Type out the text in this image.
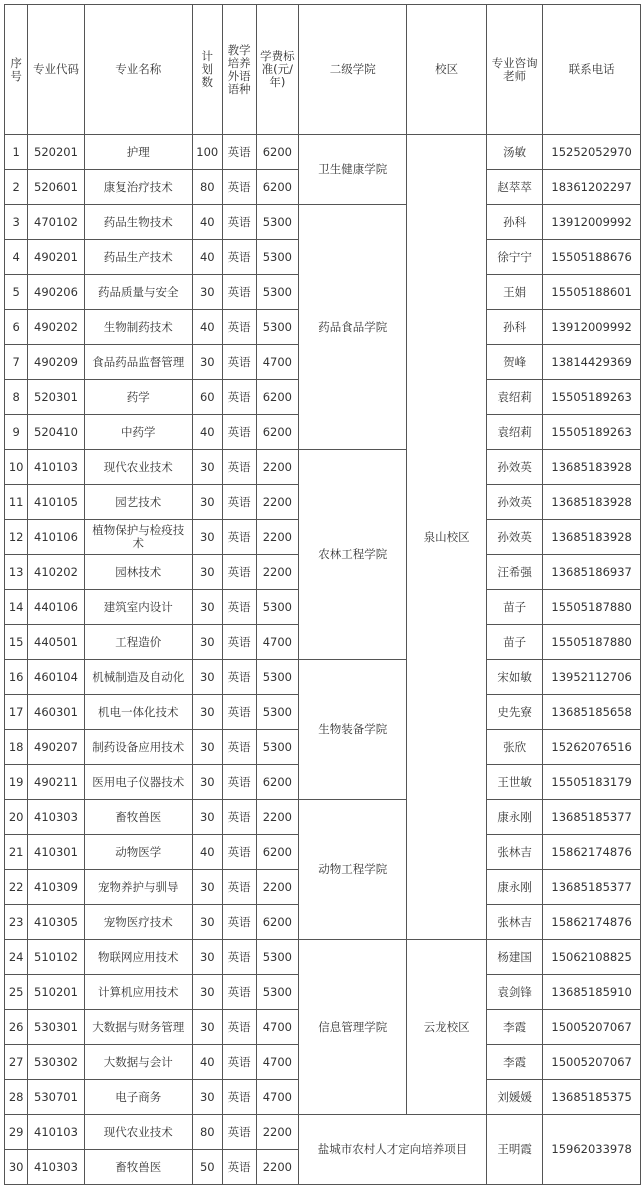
序号	专业代码	专业名称	计划数	教学培养外语语种	学费标准(元/年)	二级学院	校区	专业咨询老师	联系电话
1	520201	护理	100	英语	6200	卫生健康学院	泉山校区	汤敏	15252052970
2	520601	康复治疗技术	80	英语	6200			赵萃萃	18361202297
3	470102	药品生物技术	40	英语	5300	药品食品学院		孙科	13912009992
4	490201	药品生产技术	40	英语	5300			徐宁宁	15505188676
5	490206	药品质量与安全	30	英语	5300			王娟	15505188601
6	490202	生物制药技术	40	英语	5300			孙科	13912009992
7	490209	食品药品监督管理	30	英语	4700			贺峰	13814429369
8	520301	药学	60	英语	6200			袁绍莉	15505189263
9	520410	中药学	40	英语	6200			袁绍莉	15505189263
10	410103	现代农业技术	30	英语	2200	农林工程学院		孙效英	13685183928
11	410105	园艺技术	30	英语	2200			孙效英	13685183928
12	410106	植物保护与检疫技术	30	英语	2200			孙效英	13685183928
13	410202	园林技术	30	英语	2200			汪希强	13685186937
14	440106	建筑室内设计	30	英语	5300			苗子	15505187880
15	440501	工程造价	30	英语	4700			苗子	15505187880
16	460104	机械制造及自动化	30	英语	5300	生物装备学院		宋如敏	13952112706
17	460301	机电一体化技术	30	英语	5300			史先寮	13685185658
18	490207	制药设备应用技术	30	英语	5300			张欣	15262076516
19	490211	医用电子仪器技术	30	英语	6200			王世敏	15505183179
20	410303	畜牧兽医	30	英语	2200	动物工程学院		康永刚	13685185377
21	410301	动物医学	40	英语	6200			张林吉	15862174876
22	410309	宠物养护与驯导	30	英语	2200			康永刚	13685185377
23	410305	宠物医疗技术	30	英语	6200			张林吉	15862174876
24	510102	物联网应用技术	30	英语	5300	信息管理学院	云龙校区	杨建国	15062108825
25	510201	计算机应用技术	30	英语	5300			袁剑锋	13685185910
26	530301	大数据与财务管理	30	英语	4700			李霞	15005207067
27	530302	大数据与会计	40	英语	4700			李霞	15005207067
28	530701	电子商务	30	英语	4700			刘媛媛	13685185375
29	410103	现代农业技术	80	英语	2200	盐城市农村人才定向培养项目		王明霞	15962033978
30	410303	畜牧兽医	50	英语	2200				
